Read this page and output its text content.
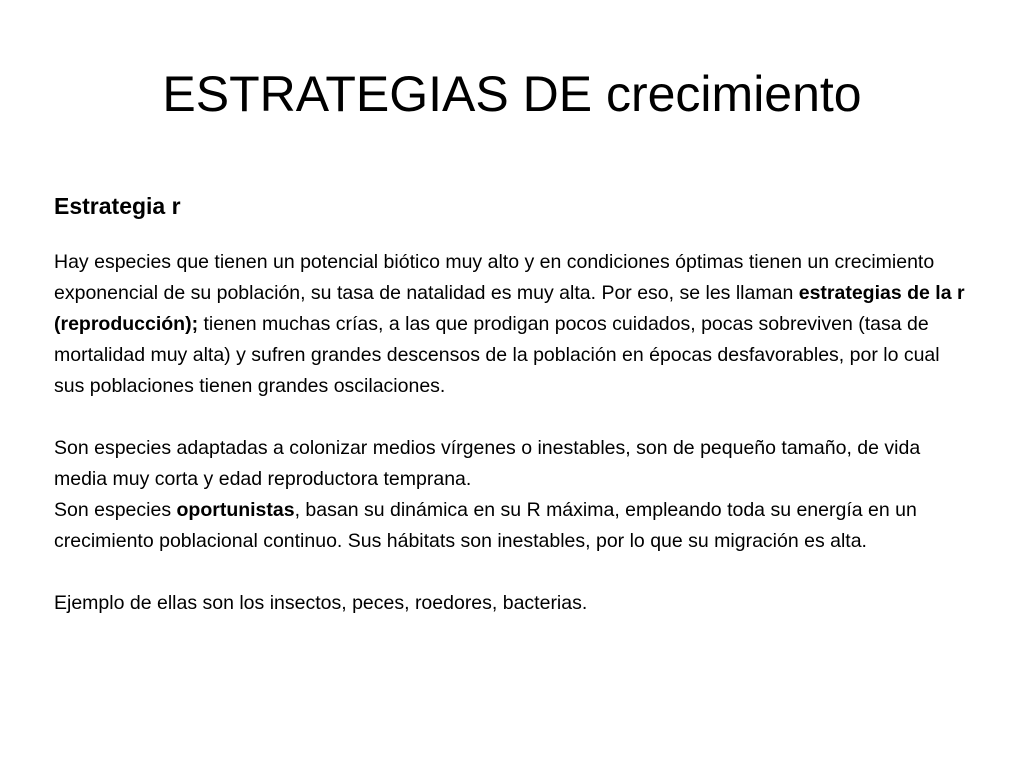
ESTRATEGIAS DE crecimiento

Estrategia r

Hay especies que tienen un potencial biótico muy alto y en condiciones óptimas tienen un crecimiento exponencial de su población, su tasa de natalidad es muy alta. Por eso, se les llaman estrategias de la r (reproducción); tienen muchas crías, a las que prodigan pocos cuidados, pocas sobreviven (tasa de mortalidad muy alta) y sufren grandes descensos de la población en épocas desfavorables, por lo cual sus poblaciones tienen grandes oscilaciones.

Son especies adaptadas a colonizar medios vírgenes o inestables, son de pequeño tamaño, de vida media muy corta y edad reproductora temprana.

Son especies oportunistas, basan su dinámica en su R máxima, empleando toda su energía en un crecimiento poblacional continuo. Sus hábitats son inestables, por lo que su migración es alta.

Ejemplo de ellas son los insectos, peces, roedores, bacterias.
